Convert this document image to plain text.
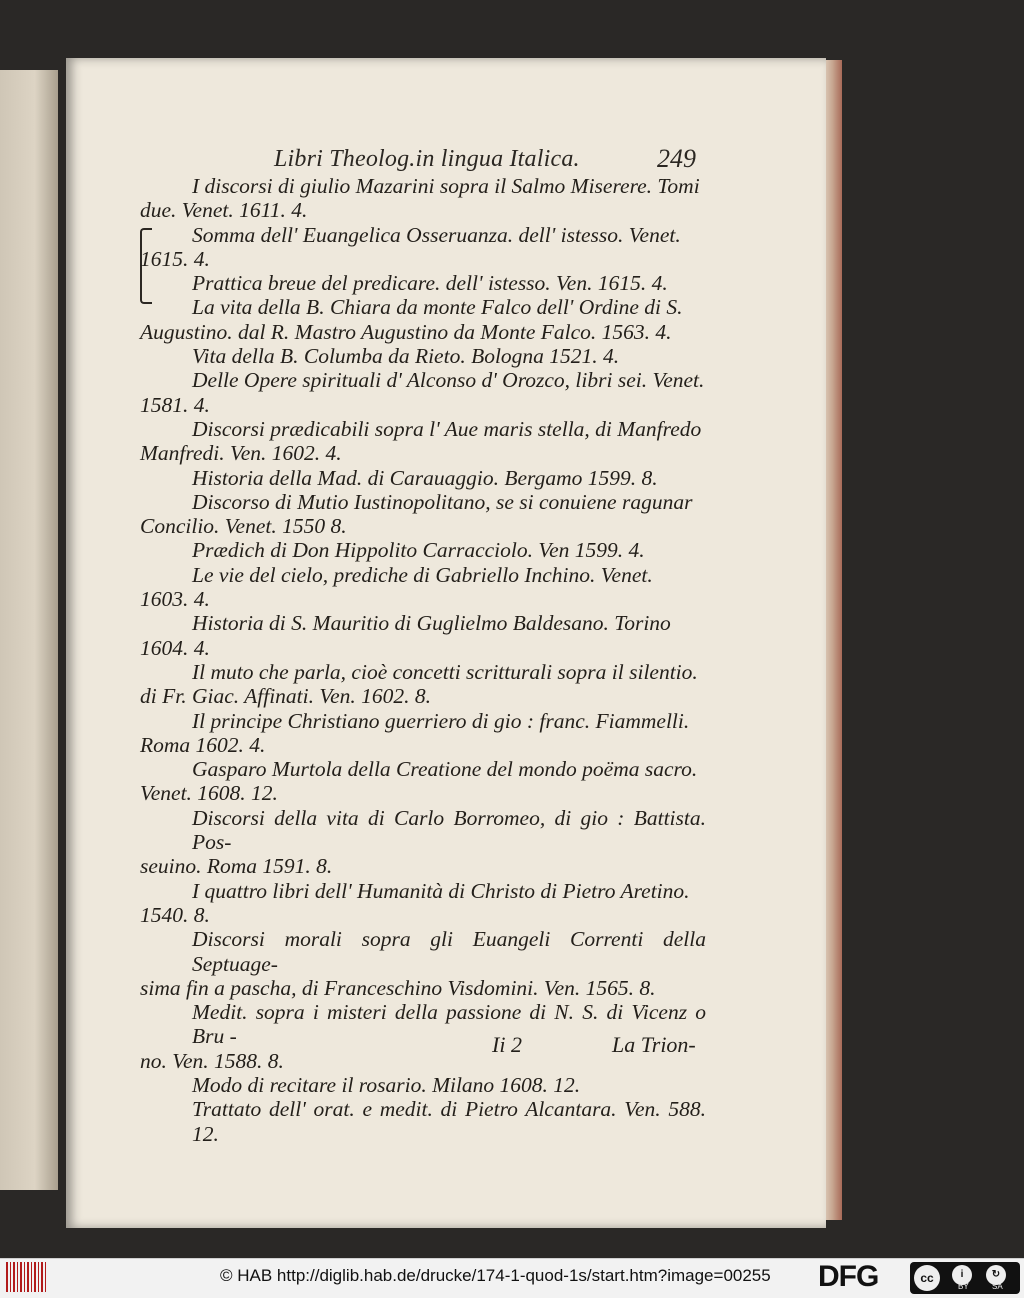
Libri Theolog.in lingua Italica.	249
I discorsi di giulio Mazarini sopra il Salmo Miserere. Tomi
due. Venet. 1611. 4.
Somma dell' Euangelica Osseruanza. dell' istesso. Venet.
1615. 4.
Prattica breue del predicare. dell' istesso. Ven. 1615. 4.
La vita della B. Chiara da monte Falco dell' Ordine di S.
Augustino. dal R. Mastro Augustino da Monte Falco. 1563. 4.
Vita della B. Columba da Rieto. Bologna 1521. 4.
Delle Opere spirituali d' Alconso d' Orozco, libri sei. Venet.
1581. 4.
Discorsi prædicabili sopra l' Aue maris stella, di Manfredo
Manfredi. Ven. 1602. 4.
Historia della Mad. di Carauaggio. Bergamo 1599. 8.
Discorso di Mutio Iustinopolitano, se si conuiene ragunar
Concilio. Venet. 1550 8.
Prædich di Don Hippolito Carracciolo. Ven 1599. 4.
Le vie del cielo, prediche di Gabriello Inchino. Venet.
1603. 4.
Historia di S. Mauritio di Guglielmo Baldesano. Torino
1604. 4.
Il muto che parla, cioè concetti scritturali sopra il silentio.
di Fr. Giac. Affinati. Ven. 1602. 8.
Il principe Christiano guerriero di gio : franc. Fiammelli.
Roma 1602. 4.
Gasparo Murtola della Creatione del mondo poëma sacro.
Venet. 1608. 12.
Discorsi della vita di Carlo Borromeo, di gio : Battista. Pos-
seuino. Roma 1591. 8.
I quattro libri dell' Humanità di Christo di Pietro Aretino.
1540. 8.
Discorsi morali sopra gli Euangeli Correnti della Septuage-
sima fin a pascha, di Franceschino Visdomini. Ven. 1565. 8.
Medit. sopra i misteri della passione di N. S. di Vicenz o Bru -
no. Ven. 1588. 8.
Modo di recitare il rosario. Milano 1608. 12.
Trattato dell' orat. e medit. di Pietro Alcantara. Ven. 588. 12.
Ii 2	La Trion-
© HAB http://diglib.hab.de/drucke/174-1-quod-1s/start.htm?image=00255 DFG	cc	i	↻
BY	SA
